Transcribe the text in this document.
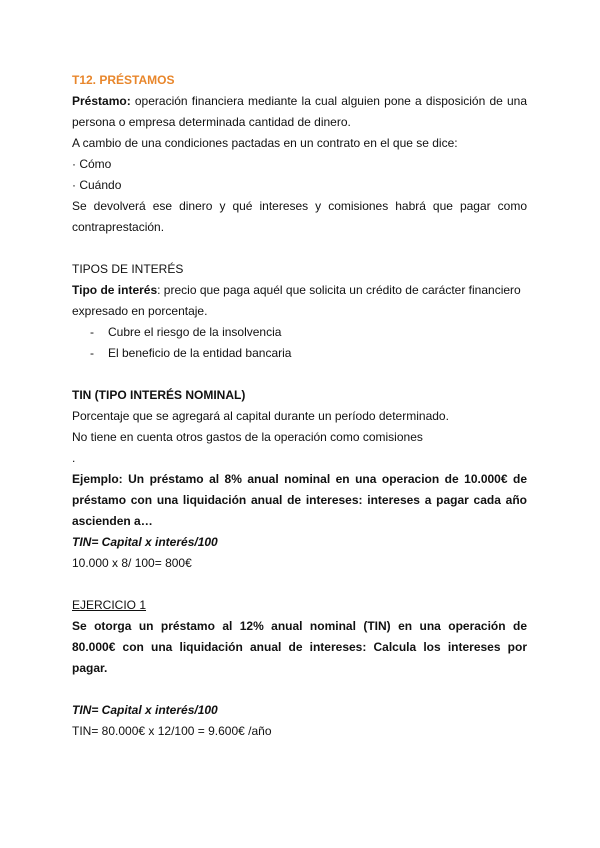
T12. PRÉSTAMOS
Préstamo: operación financiera mediante la cual alguien pone a disposición de una
persona o empresa determinada cantidad de dinero.
A cambio de una condiciones pactadas en un contrato en el que se dice:
· Cómo
· Cuándo
Se devolverá ese dinero y qué intereses y comisiones habrá que pagar como
contraprestación.
TIPOS DE INTERÉS
Tipo de interés: precio que paga aquél que solicita un crédito de carácter financiero
expresado en porcentaje.
-	Cubre el riesgo de la insolvencia
-	El beneficio de la entidad bancaria
TIN (TIPO INTERÉS NOMINAL)
Porcentaje que se agregará al capital durante un período determinado.
No tiene en cuenta otros gastos de la operación como comisiones
.
Ejemplo: Un préstamo al 8% anual nominal en una operacion de 10.000€ de
préstamo con una liquidación anual de intereses: intereses a pagar cada año
ascienden a…
TIN= Capital x interés/100
10.000 x 8/ 100= 800€
EJERCICIO 1
Se otorga un préstamo al 12% anual nominal (TIN) en una operación de
80.000€ con una liquidación anual de intereses: Calcula los intereses por
pagar.
TIN= Capital x interés/100
TIN= 80.000€ x 12/100 = 9.600€ /año
